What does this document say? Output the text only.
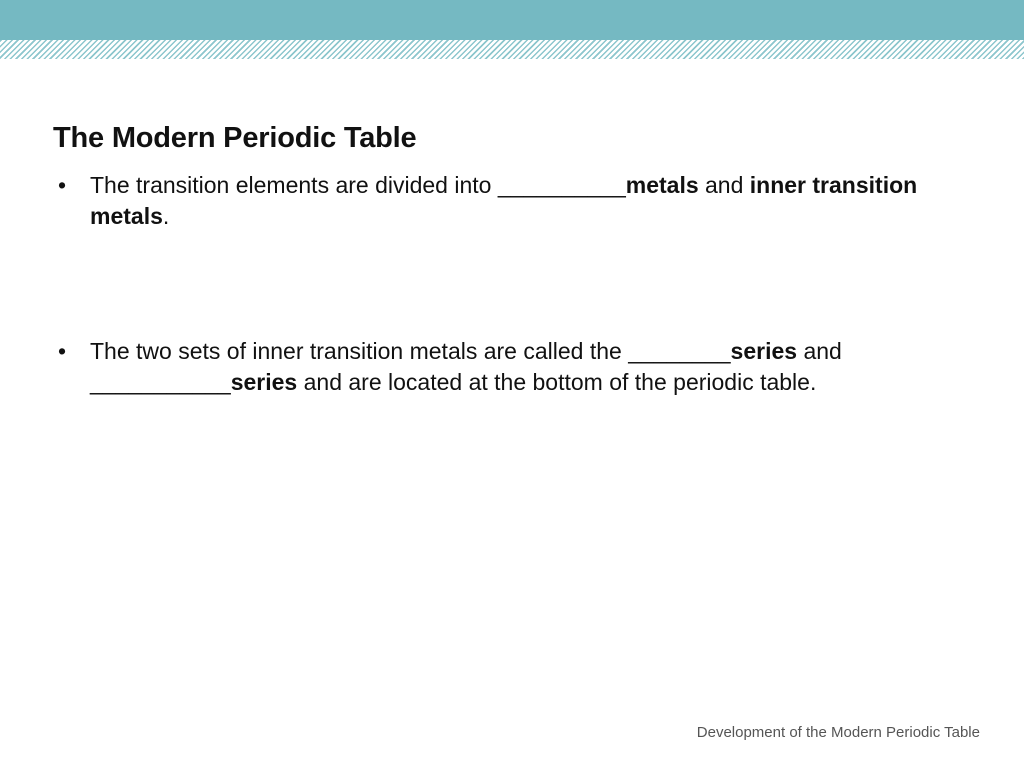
The Modern Periodic Table
• The transition elements are divided into __________metals and inner transition metals.
• The two sets of inner transition metals are called the ________series and ___________series and are located at the bottom of the periodic table.
Development of the Modern Periodic Table
